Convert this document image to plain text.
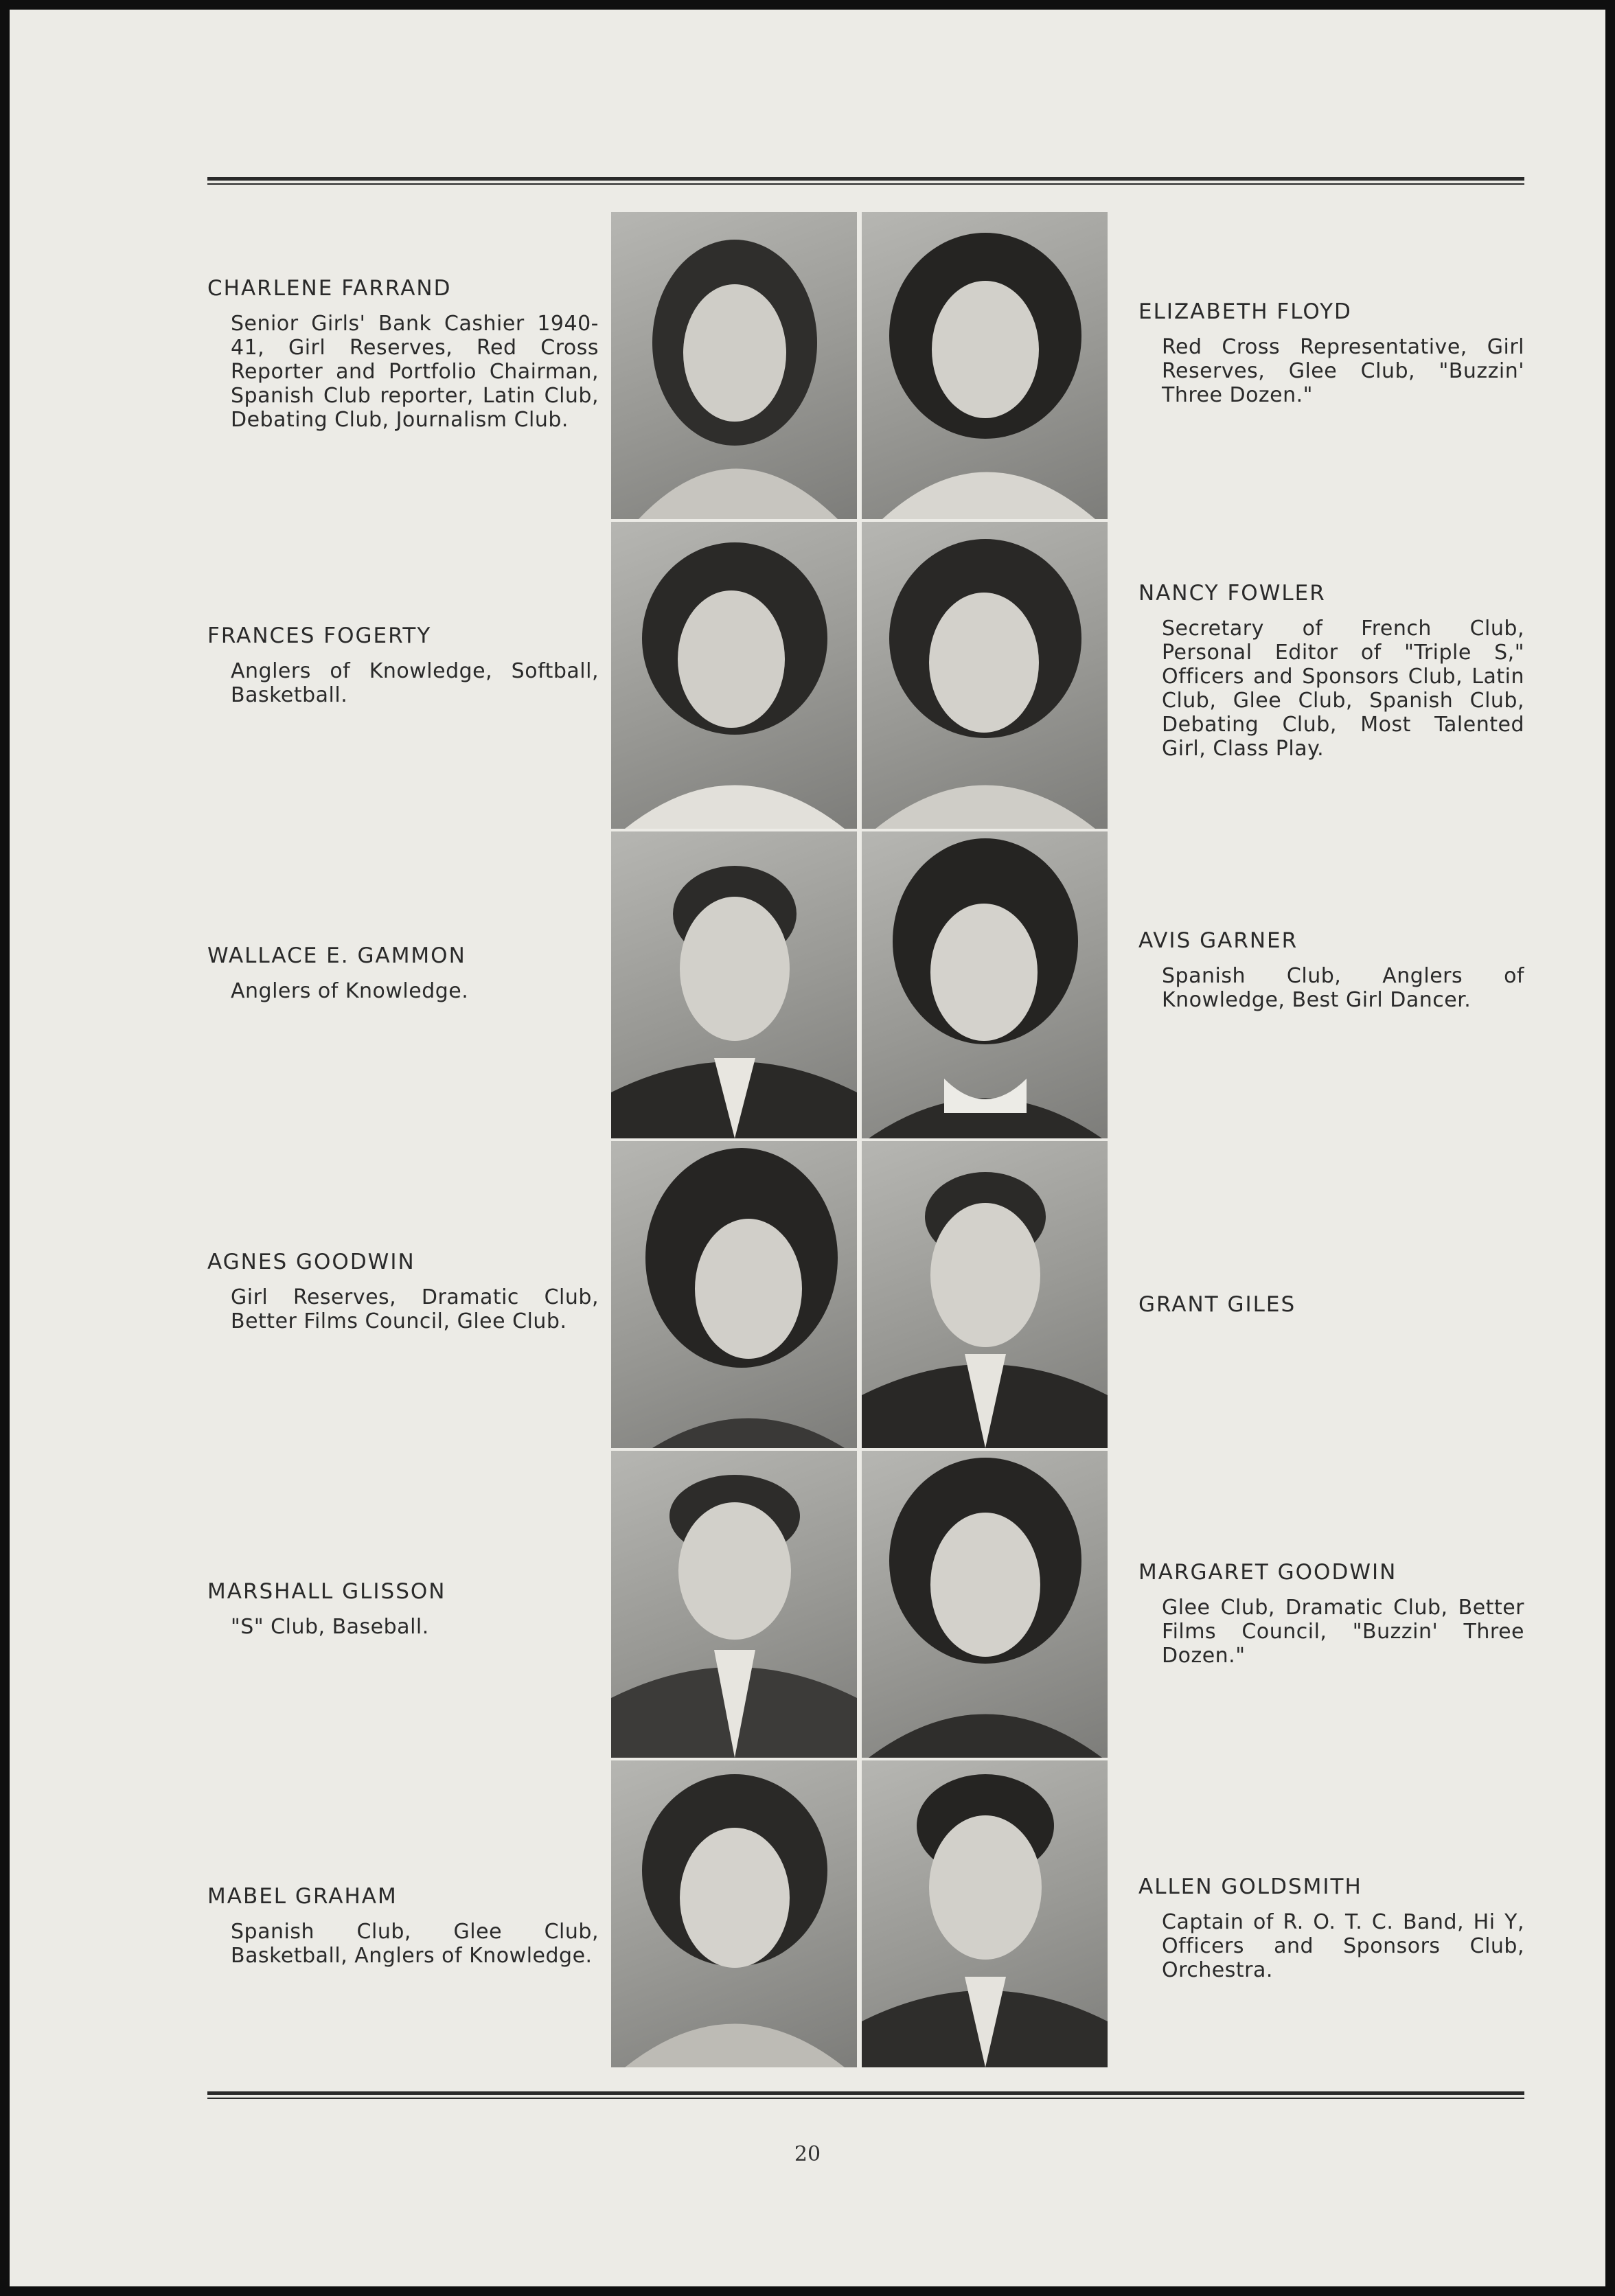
CHARLENE FARRAND
Senior Girls' Bank Cashier 1940-41, Girl Reserves, Red Cross Reporter and Portfolio Chairman, Spanish Club reporter, Latin Club, Debating Club, Journalism Club.
ELIZABETH FLOYD
Red Cross Representative, Girl Reserves, Glee Club, "Buzzin' Three Dozen."
FRANCES FOGERTY
Anglers of Knowledge, Softball, Basketball.
NANCY FOWLER
Secretary of French Club, Personal Editor of "Triple S," Officers and Sponsors Club, Latin Club, Glee Club, Spanish Club, Debating Club, Most Talented Girl, Class Play.
WALLACE E. GAMMON
Anglers of Knowledge.
AVIS GARNER
Spanish Club, Anglers of Knowledge, Best Girl Dancer.
AGNES GOODWIN
Girl Reserves, Dramatic Club, Better Films Council, Glee Club.
GRANT GILES
MARSHALL GLISSON
"S" Club, Baseball.
MARGARET GOODWIN
Glee Club, Dramatic Club, Better Films Council, "Buzzin' Three Dozen."
MABEL GRAHAM
Spanish Club, Glee Club, Basketball, Anglers of Knowledge.
ALLEN GOLDSMITH
Captain of R. O. T. C. Band, Hi Y, Officers and Sponsors Club, Orchestra.
20
